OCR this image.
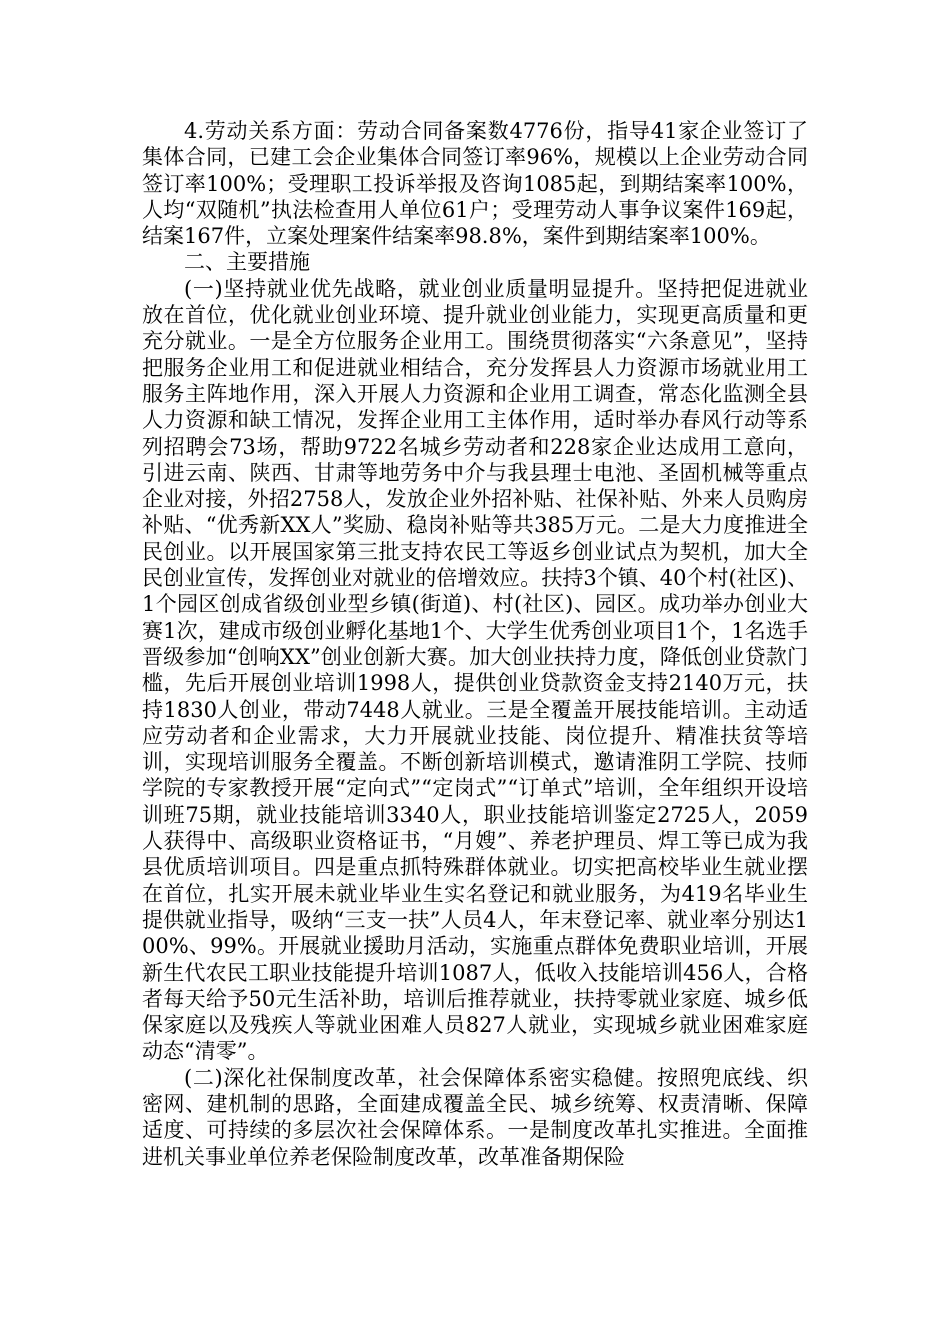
4.劳动关系方面：劳动合同备案数4776份，指导41家企业签订了集体合同，已建工会企业集体合同签订率96%，规模以上企业劳动合同签订率100%；受理职工投诉举报及咨询1085起，到期结案率100%，人均“双随机”执法检查用人单位61户；受理劳动人事争议案件169起，结案167件，立案处理案件结案率98.8%，案件到期结案率100%。

二、主要措施

(一)坚持就业优先战略，就业创业质量明显提升。坚持把促进就业放在首位，优化就业创业环境、提升就业创业能力，实现更高质量和更充分就业。一是全方位服务企业用工。围绕贯彻落实“六条意见”，坚持把服务企业用工和促进就业相结合，充分发挥县人力资源市场就业用工服务主阵地作用，深入开展人力资源和企业用工调查，常态化监测全县人力资源和缺工情况，发挥企业用工主体作用，适时举办春风行动等系列招聘会73场，帮助9722名城乡劳动者和228家企业达成用工意向，引进云南、陕西、甘肃等地劳务中介与我县理士电池、圣固机械等重点企业对接，外招2758人，发放企业外招补贴、社保补贴、外来人员购房补贴、“优秀新XX人”奖励、稳岗补贴等共385万元。二是大力度推进全民创业。以开展国家第三批支持农民工等返乡创业试点为契机，加大全民创业宣传，发挥创业对就业的倍增效应。扶持3个镇、40个村(社区)、1个园区创成省级创业型乡镇(街道)、村(社区)、园区。成功举办创业大赛1次，建成市级创业孵化基地1个、大学生优秀创业项目1个，1名选手晋级参加“创响XX”创业创新大赛。加大创业扶持力度，降低创业贷款门槛，先后开展创业培训1998人，提供创业贷款资金支持2140万元，扶持1830人创业，带动7448人就业。三是全覆盖开展技能培训。主动适应劳动者和企业需求，大力开展就业技能、岗位提升、精准扶贫等培训，实现培训服务全覆盖。不断创新培训模式，邀请淮阴工学院、技师学院的专家教授开展“定向式”“定岗式”“订单式”培训，全年组织开设培训班75期，就业技能培训3340人，职业技能培训鉴定2725人，2059人获得中、高级职业资格证书，“月嫂”、养老护理员、焊工等已成为我县优质培训项目。四是重点抓特殊群体就业。切实把高校毕业生就业摆在首位，扎实开展未就业毕业生实名登记和就业服务，为419名毕业生提供就业指导，吸纳“三支一扶”人员4人，年末登记率、就业率分别达100%、99%。开展就业援助月活动，实施重点群体免费职业培训，开展新生代农民工职业技能提升培训1087人，低收入技能培训456人，合格者每天给予50元生活补助，培训后推荐就业，扶持零就业家庭、城乡低保家庭以及残疾人等就业困难人员827人就业，实现城乡就业困难家庭动态“清零”。

(二)深化社保制度改革，社会保障体系密实稳健。按照兜底线、织密网、建机制的思路，全面建成覆盖全民、城乡统筹、权责清晰、保障适度、可持续的多层次社会保障体系。一是制度改革扎实推进。全面推进机关事业单位养老保险制度改革，改革准备期保险
